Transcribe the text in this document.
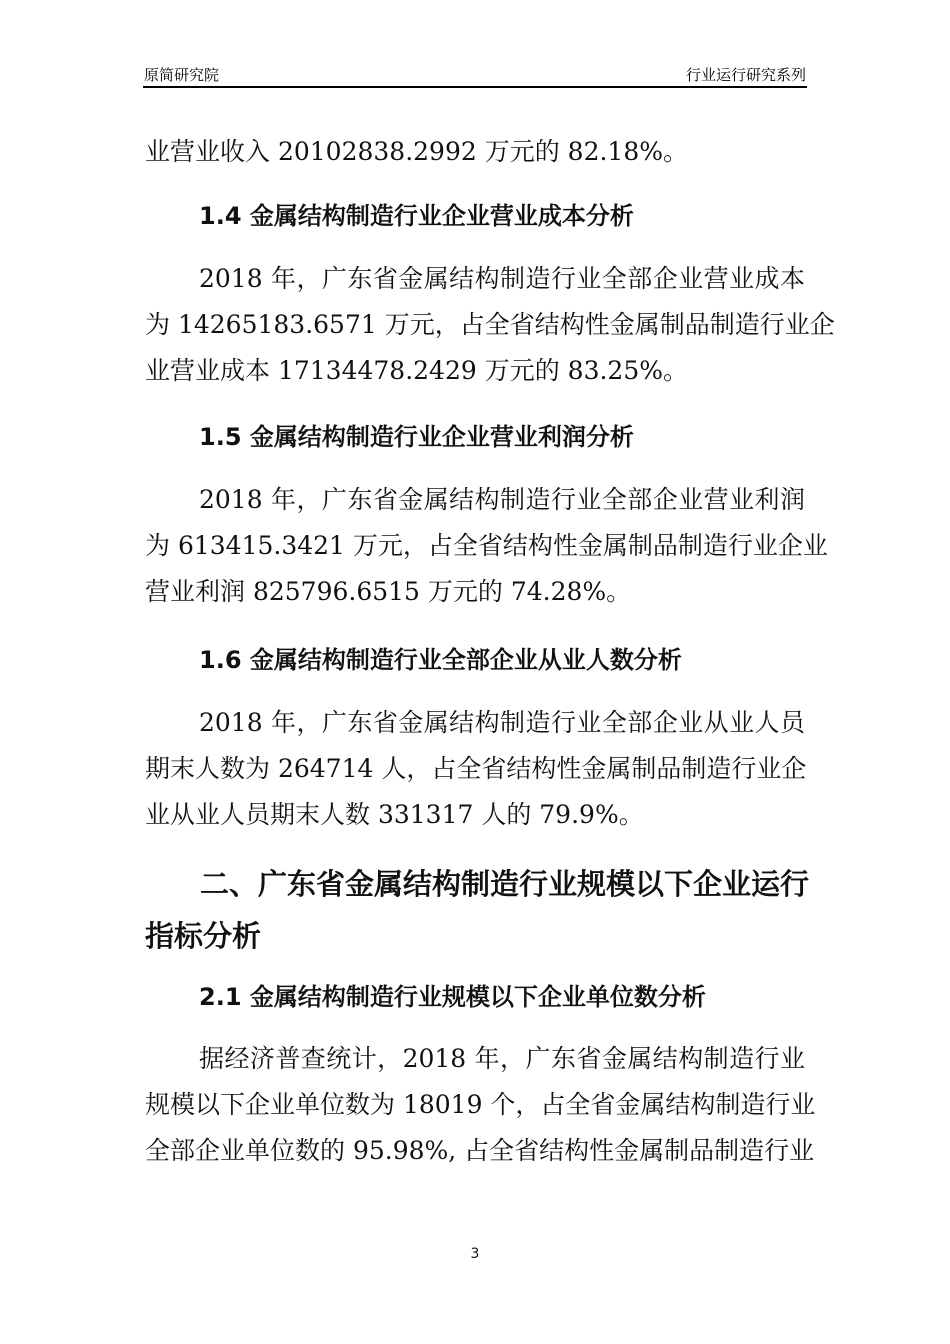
原简研究院	行业运行研究系列
业营业收入 20102838.2992 万元的 82.18%。
1.4 金属结构制造行业企业营业成本分析
2018 年，广东省金属结构制造行业全部企业营业成本
为 14265183.6571 万元，占全省结构性金属制品制造行业企
业营业成本 17134478.2429 万元的 83.25%。
1.5 金属结构制造行业企业营业利润分析
2018 年，广东省金属结构制造行业全部企业营业利润
为 613415.3421 万元，占全省结构性金属制品制造行业企业
营业利润 825796.6515 万元的 74.28%。
1.6 金属结构制造行业全部企业从业人数分析
2018 年，广东省金属结构制造行业全部企业从业人员
期末人数为 264714 人，占全省结构性金属制品制造行业企
业从业人员期末人数 331317 人的 79.9%。
二、广东省金属结构制造行业规模以下企业运行
指标分析
2.1 金属结构制造行业规模以下企业单位数分析
据经济普查统计，2018 年，广东省金属结构制造行业
规模以下企业单位数为 18019 个，占全省金属结构制造行业
全部企业单位数的 95.98%, 占全省结构性金属制品制造行业
3
